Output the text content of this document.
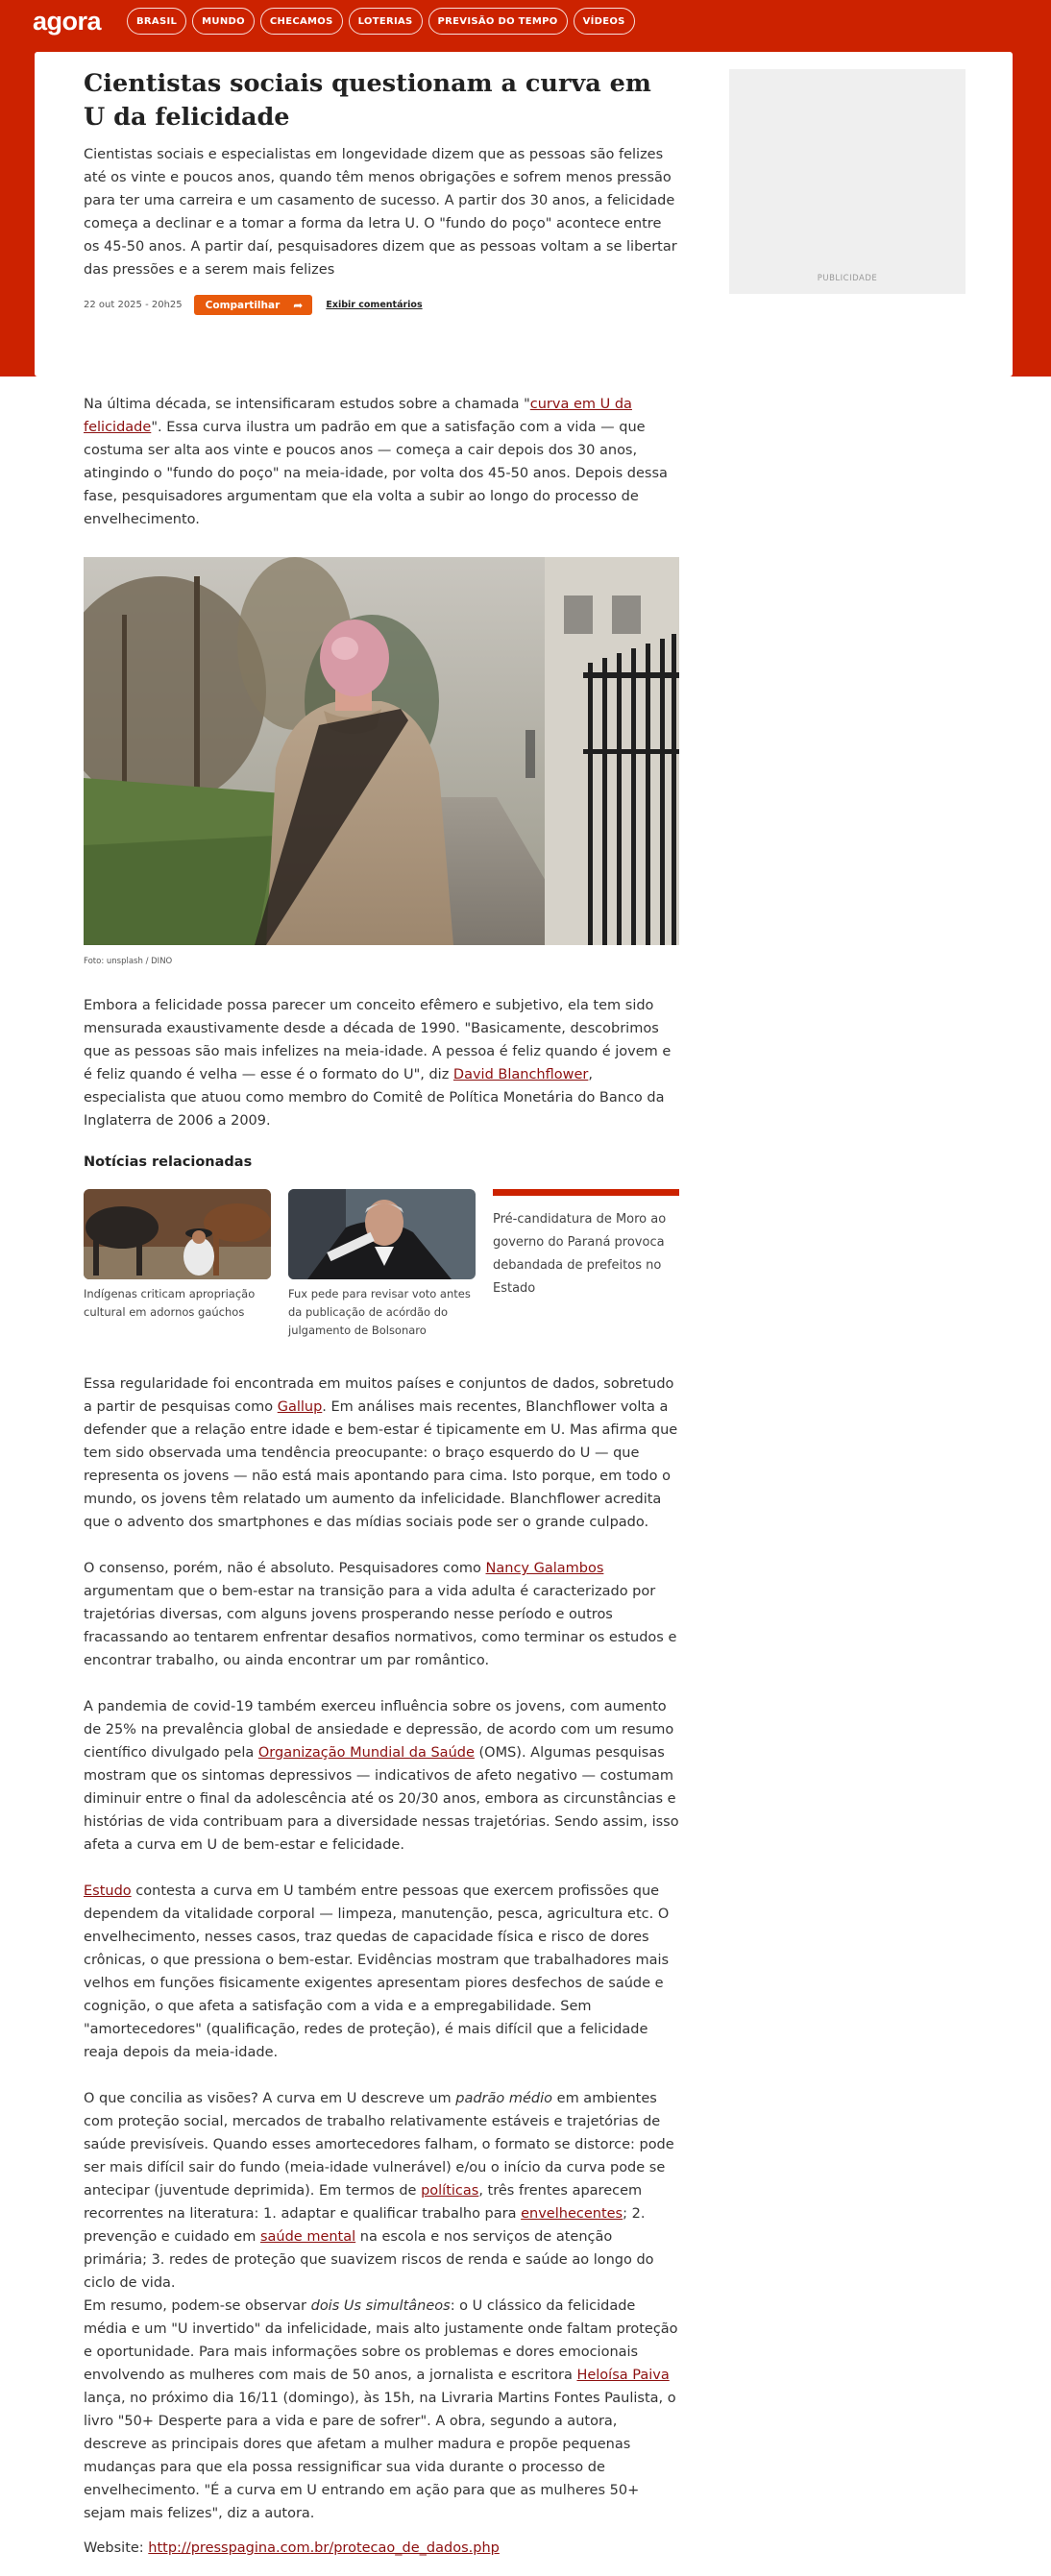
agora	BRASIL	MUNDO	CHECAMOS	LOTERIAS	PREVISÃO DO TEMPO	VÍDEOS
Cientistas sociais questionam a curva em U da felicidade

Cientistas sociais e especialistas em longevidade dizem que as pessoas são felizes até os vinte e poucos anos, quando têm menos obrigações e sofrem menos pressão para ter uma carreira e um casamento de sucesso. A partir dos 30 anos, a felicidade começa a declinar e a tomar a forma da letra U. O "fundo do poço" acontece entre os 45-50 anos. A partir daí, pesquisadores dizem que as pessoas voltam a se libertar das pressões e a serem mais felizes

22 out 2025 - 20h25 Compartilhar ➦	Exibir comentários
PUBLICIDADE

Na última década, se intensificaram estudos sobre a chamada "curva em U da felicidade". Essa curva ilustra um padrão em que a satisfação com a vida — que costuma ser alta aos vinte e poucos anos — começa a cair depois dos 30 anos, atingindo o "fundo do poço" na meia-idade, por volta dos 45-50 anos. Depois dessa fase, pesquisadores argumentam que ela volta a subir ao longo do processo de envelhecimento.

Foto: unsplash / DINO

Embora a felicidade possa parecer um conceito efêmero e subjetivo, ela tem sido mensurada exaustivamente desde a década de 1990. "Basicamente, descobrimos que as pessoas são mais infelizes na meia-idade. A pessoa é feliz quando é jovem e é feliz quando é velha — esse é o formato do U", diz David Blanchflower, especialista que atuou como membro do Comitê de Política Monetária do Banco da Inglaterra de 2006 a 2009.

Notícias relacionadas
Indígenas criticam apropriação cultural em adornos gaúchos
Fux pede para revisar voto antes da publicação de acórdão do julgamento de Bolsonaro
Pré-candidatura de Moro ao governo do Paraná provoca debandada de prefeitos no Estado

Essa regularidade foi encontrada em muitos países e conjuntos de dados, sobretudo a partir de pesquisas como Gallup. Em análises mais recentes, Blanchflower volta a defender que a relação entre idade e bem-estar é tipicamente em U. Mas afirma que tem sido observada uma tendência preocupante: o braço esquerdo do U — que representa os jovens — não está mais apontando para cima. Isto porque, em todo o mundo, os jovens têm relatado um aumento da infelicidade. Blanchflower acredita que o advento dos smartphones e das mídias sociais pode ser o grande culpado.

O consenso, porém, não é absoluto. Pesquisadores como Nancy Galambos argumentam que o bem-estar na transição para a vida adulta é caracterizado por trajetórias diversas, com alguns jovens prosperando nesse período e outros fracassando ao tentarem enfrentar desafios normativos, como terminar os estudos e encontrar trabalho, ou ainda encontrar um par romântico.

A pandemia de covid-19 também exerceu influência sobre os jovens, com aumento de 25% na prevalência global de ansiedade e depressão, de acordo com um resumo científico divulgado pela Organização Mundial da Saúde (OMS). Algumas pesquisas mostram que os sintomas depressivos — indicativos de afeto negativo — costumam diminuir entre o final da adolescência até os 20/30 anos, embora as circunstâncias e histórias de vida contribuam para a diversidade nessas trajetórias. Sendo assim, isso afeta a curva em U de bem-estar e felicidade.

Estudo contesta a curva em U também entre pessoas que exercem profissões que dependem da vitalidade corporal — limpeza, manutenção, pesca, agricultura etc. O envelhecimento, nesses casos, traz quedas de capacidade física e risco de dores crônicas, o que pressiona o bem-estar. Evidências mostram que trabalhadores mais velhos em funções fisicamente exigentes apresentam piores desfechos de saúde e cognição, o que afeta a satisfação com a vida e a empregabilidade. Sem "amortecedores" (qualificação, redes de proteção), é mais difícil que a felicidade reaja depois da meia-idade.

O que concilia as visões? A curva em U descreve um padrão médio em ambientes com proteção social, mercados de trabalho relativamente estáveis e trajetórias de saúde previsíveis. Quando esses amortecedores falham, o formato se distorce: pode ser mais difícil sair do fundo (meia-idade vulnerável) e/ou o início da curva pode se antecipar (juventude deprimida). Em termos de políticas, três frentes aparecem recorrentes na literatura: 1. adaptar e qualificar trabalho para envelhecentes; 2. prevenção e cuidado em saúde mental na escola e nos serviços de atenção primária; 3. redes de proteção que suavizem riscos de renda e saúde ao longo do ciclo de vida.

Em resumo, podem-se observar dois Us simultâneos: o U clássico da felicidade média e um "U invertido" da infelicidade, mais alto justamente onde faltam proteção e oportunidade. Para mais informações sobre os problemas e dores emocionais envolvendo as mulheres com mais de 50 anos, a jornalista e escritora Heloísa Paiva lança, no próximo dia 16/11 (domingo), às 15h, na Livraria Martins Fontes Paulista, o livro "50+ Desperte para a vida e pare de sofrer". A obra, segundo a autora, descreve as principais dores que afetam a mulher madura e propõe pequenas mudanças para que ela possa ressignificar sua vida durante o processo de envelhecimento. "É a curva em U entrando em ação para que as mulheres 50+ sejam mais felizes", diz a autora.

Website: http://presspagina.com.br/protecao_de_dados.php
